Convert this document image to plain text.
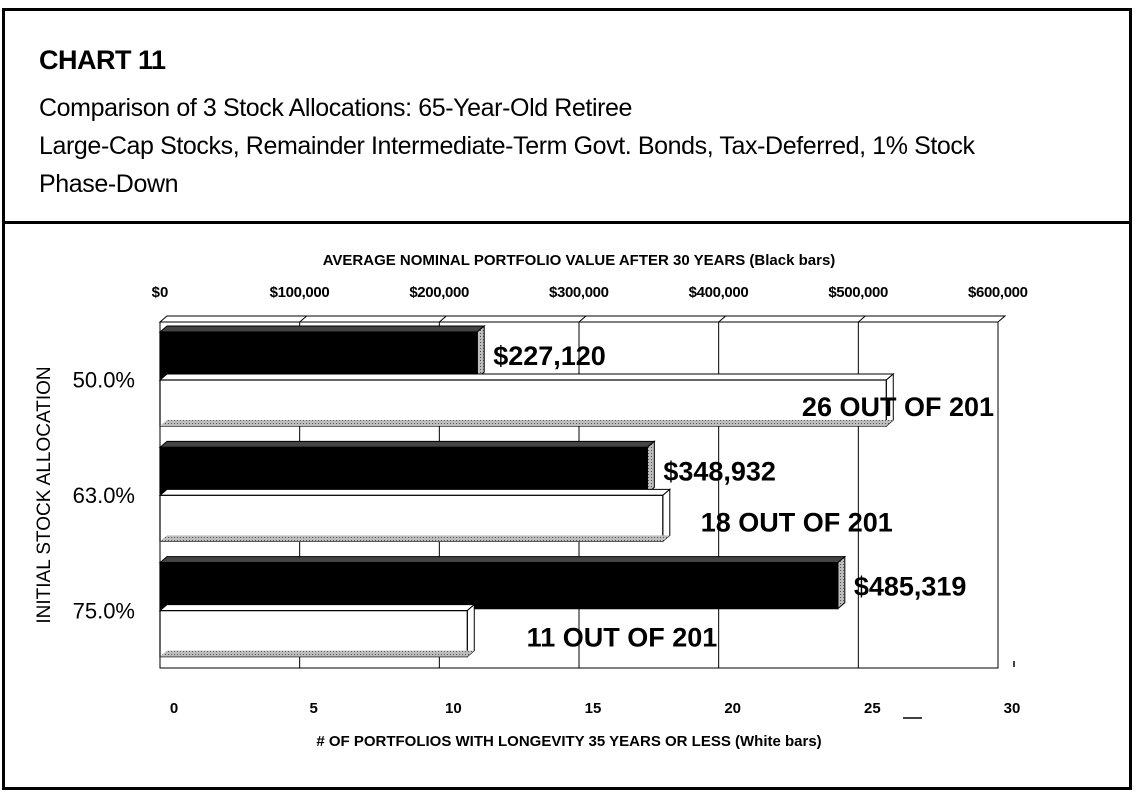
CHART 11
Comparison of 3 Stock Allocations: 65-Year-Old Retiree
Large-Cap Stocks, Remainder Intermediate-Term Govt. Bonds, Tax-Deferred, 1% Stock
Phase-Down
AVERAGE NOMINAL PORTFOLIO VALUE AFTER 30 YEARS (Black bars)
$0	$100,000	$200,000	$300,000	$400,000	$500,000	$600,000
0	5	10	15	20	25	30
# OF PORTFOLIOS WITH LONGEVITY 35 YEARS OR LESS (White bars)
INITIAL STOCK ALLOCATION 50.0%
$227,120
26 OUT OF 201
63.0%
$348,932
18 OUT OF 201
75.0%
$485,319
11 OUT OF 201
